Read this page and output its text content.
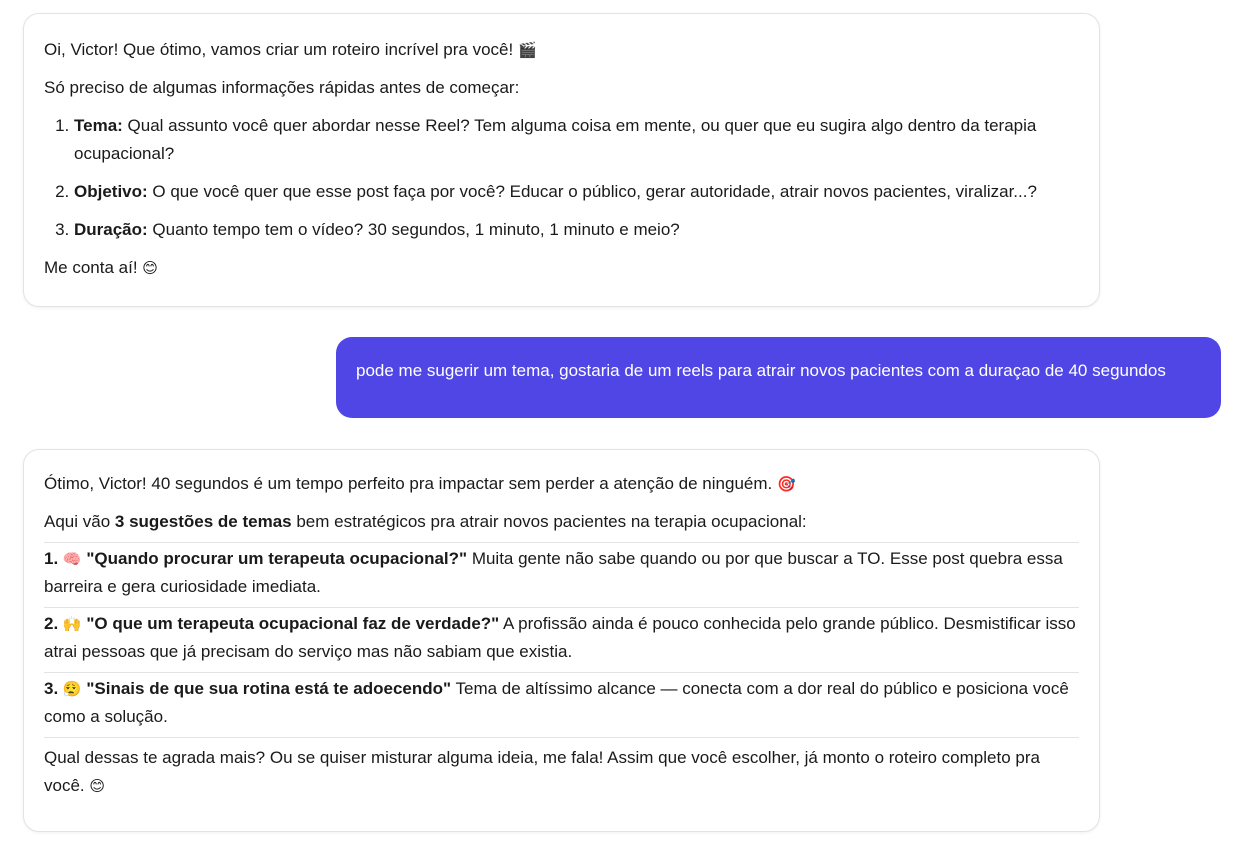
Oi, Victor! Que ótimo, vamos criar um roteiro incrível pra você! 🎬

Só preciso de algumas informações rápidas antes de começar:

1. Tema: Qual assunto você quer abordar nesse Reel? Tem alguma coisa em mente, ou quer que eu sugira algo dentro da terapia ocupacional?
2. Objetivo: O que você quer que esse post faça por você? Educar o público, gerar autoridade, atrair novos pacientes, viralizar...?
3. Duração: Quanto tempo tem o vídeo? 30 segundos, 1 minuto, 1 minuto e meio?

Me conta aí! 😊

pode me sugerir um tema, gostaria de um reels para atrair novos pacientes com a duraçao de 40 segundos

Ótimo, Victor! 40 segundos é um tempo perfeito pra impactar sem perder a atenção de ninguém. 🎯

Aqui vão 3 sugestões de temas bem estratégicos pra atrair novos pacientes na terapia ocupacional:

1. 🧠 "Quando procurar um terapeuta ocupacional?" Muita gente não sabe quando ou por que buscar a TO. Esse post quebra essa barreira e gera curiosidade imediata.
2. 🙌 "O que um terapeuta ocupacional faz de verdade?" A profissão ainda é pouco conhecida pelo grande público. Desmistificar isso atrai pessoas que já precisam do serviço mas não sabiam que existia.
3. 😮‍💨 "Sinais de que sua rotina está te adoecendo" Tema de altíssimo alcance — conecta com a dor real do público e posiciona você como a solução.

Qual dessas te agrada mais? Ou se quiser misturar alguma ideia, me fala! Assim que você escolher, já monto o roteiro completo pra você. 😊
